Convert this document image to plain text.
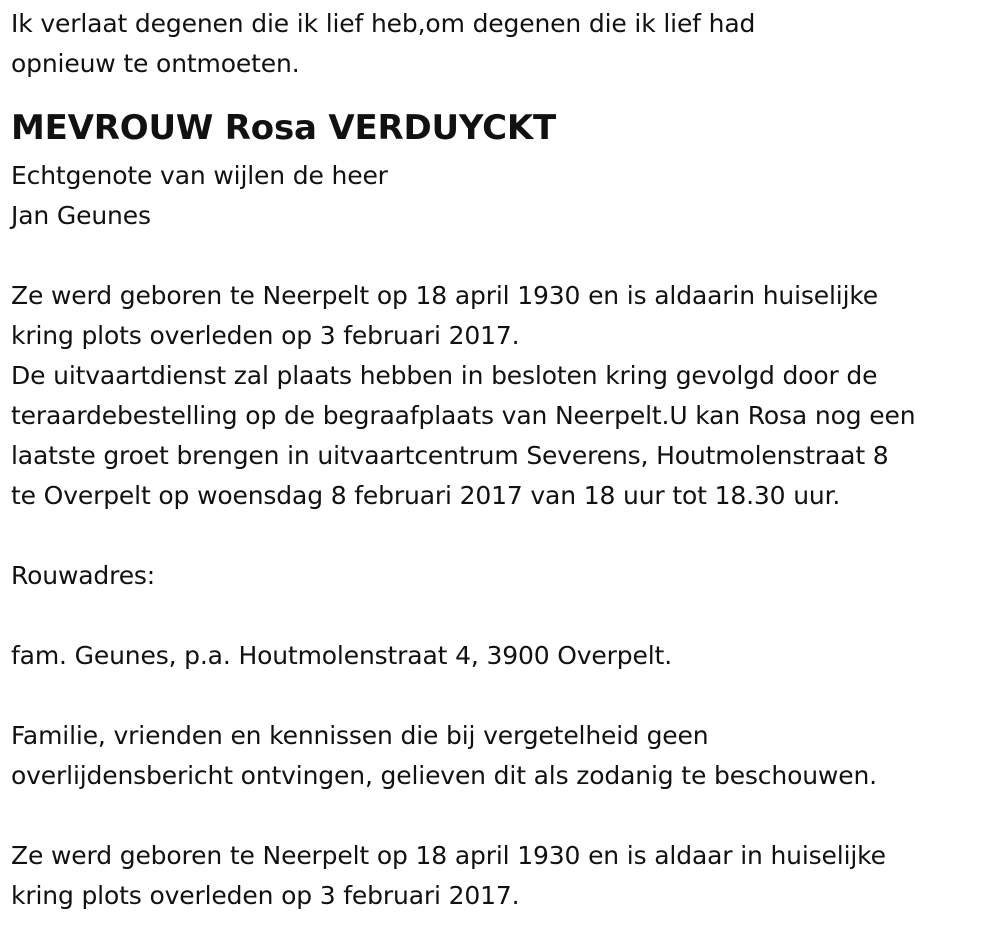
Ik verlaat degenen die ik lief heb,om degenen die ik lief had

opnieuw te ontmoeten.

MEVROUW Rosa VERDUYCKT

Echtgenote van wijlen de heer

Jan Geunes

Ze werd geboren te Neerpelt op 18 april 1930 en is aldaarin huiselijke

kring plots overleden op 3 februari 2017.

De uitvaartdienst zal plaats hebben in besloten kring gevolgd door de

teraardebestelling op de begraafplaats van Neerpelt.U kan Rosa nog een

laatste groet brengen in uitvaartcentrum Severens, Houtmolenstraat 8

te Overpelt op woensdag 8 februari 2017 van 18 uur tot 18.30 uur.

Rouwadres:

fam. Geunes, p.a. Houtmolenstraat 4, 3900 Overpelt.

Familie, vrienden en kennissen die bij vergetelheid geen

overlijdensbericht ontvingen, gelieven dit als zodanig te beschouwen.

Ze werd geboren te Neerpelt op 18 april 1930 en is aldaar in huiselijke

kring plots overleden op 3 februari 2017.
